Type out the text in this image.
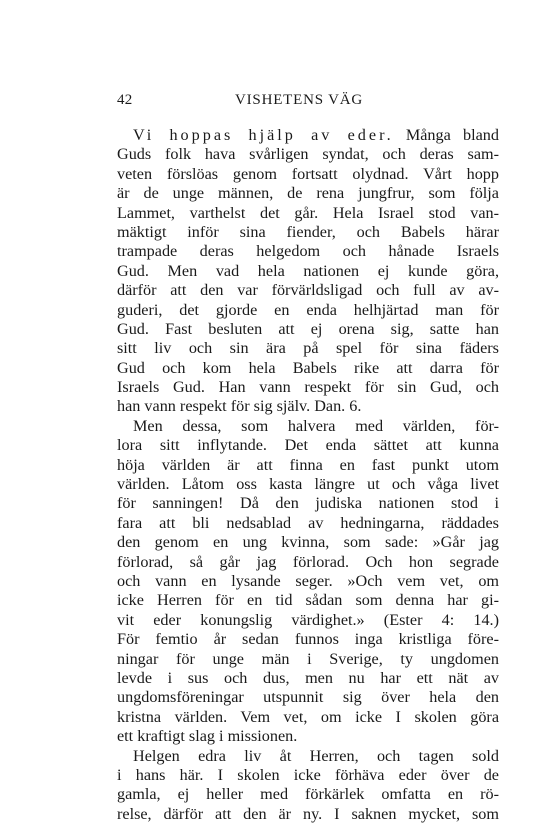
42	VISHETENS VÄG
Vi hoppas hjälp av eder. Många bland
Guds folk hava svårligen syndat, och deras sam-
veten förslöas genom fortsatt olydnad. Vårt hopp
är de unge männen, de rena jungfrur, som följa
Lammet, varthelst det går. Hela Israel stod van-
mäktigt inför sina fiender, och Babels härar
trampade deras helgedom och hånade Israels
Gud. Men vad hela nationen ej kunde göra,
därför att den var förvärldsligad och full av av-
guderi, det gjorde en enda helhjärtad man för
Gud. Fast besluten att ej orena sig, satte han
sitt liv och sin ära på spel för sina fäders
Gud och kom hela Babels rike att darra för
Israels Gud. Han vann respekt för sin Gud, och
han vann respekt för sig själv. Dan. 6.
Men dessa, som halvera med världen, för-
lora sitt inflytande. Det enda sättet att kunna
höja världen är att finna en fast punkt utom
världen. Låtom oss kasta längre ut och våga livet
för sanningen! Då den judiska nationen stod i
fara att bli nedsablad av hedningarna, räddades
den genom en ung kvinna, som sade: »Går jag
förlorad, så går jag förlorad. Och hon segrade
och vann en lysande seger. »Och vem vet, om
icke Herren för en tid sådan som denna har gi-
vit eder konungslig värdighet.» (Ester 4: 14.)
För femtio år sedan funnos inga kristliga före-
ningar för unge män i Sverige, ty ungdomen
levde i sus och dus, men nu har ett nät av
ungdomsföreningar utspunnit sig över hela den
kristna världen. Vem vet, om icke I skolen göra
ett kraftigt slag i missionen.
Helgen edra liv åt Herren, och tagen sold
i hans här. I skolen icke förhäva eder över de
gamla, ej heller med förkärlek omfatta en rö-
relse, därför att den är ny. I saknen mycket, som
